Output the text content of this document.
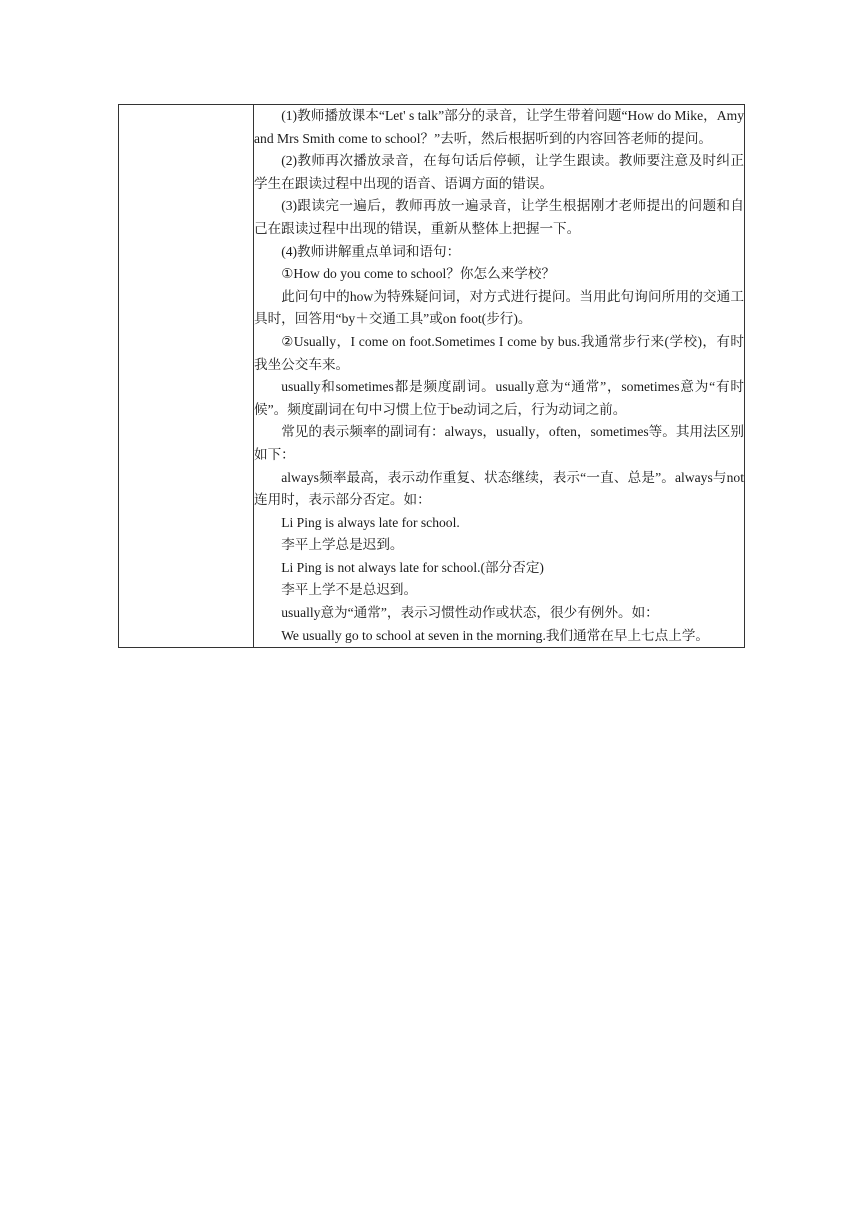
(1)教师播放课本“Let' s talk”部分的录音，让学生带着问题“How do Mike，Amy and Mrs Smith come to school？”去听，然后根据听到的内容回答老师的提问。

(2)教师再次播放录音，在每句话后停顿，让学生跟读。教师要注意及时纠正学生在跟读过程中出现的语音、语调方面的错误。

(3)跟读完一遍后，教师再放一遍录音，让学生根据刚才老师提出的问题和自己在跟读过程中出现的错误，重新从整体上把握一下。

(4)教师讲解重点单词和语句：

①How do you come to school？你怎么来学校？

此问句中的how为特殊疑问词，对方式进行提问。当用此句询问所用的交通工具时，回答用“by＋交通工具”或on foot(步行)。

②Usually，I come on foot.Sometimes I come by bus.我通常步行来(学校)，有时我坐公交车来。

usually和sometimes都是频度副词。usually意为“通常”，sometimes意为“有时候”。频度副词在句中习惯上位于be动词之后，行为动词之前。

常见的表示频率的副词有：always，usually，often，sometimes等。其用法区别如下：

always频率最高，表示动作重复、状态继续，表示“一直、总是”。always与not连用时，表示部分否定。如：

Li Ping is always late for school.

李平上学总是迟到。

Li Ping is not always late for school.(部分否定)

李平上学不是总迟到。

usually意为“通常”，表示习惯性动作或状态，很少有例外。如：

We usually go to school at seven in the morning.我们通常在早上七点上学。
